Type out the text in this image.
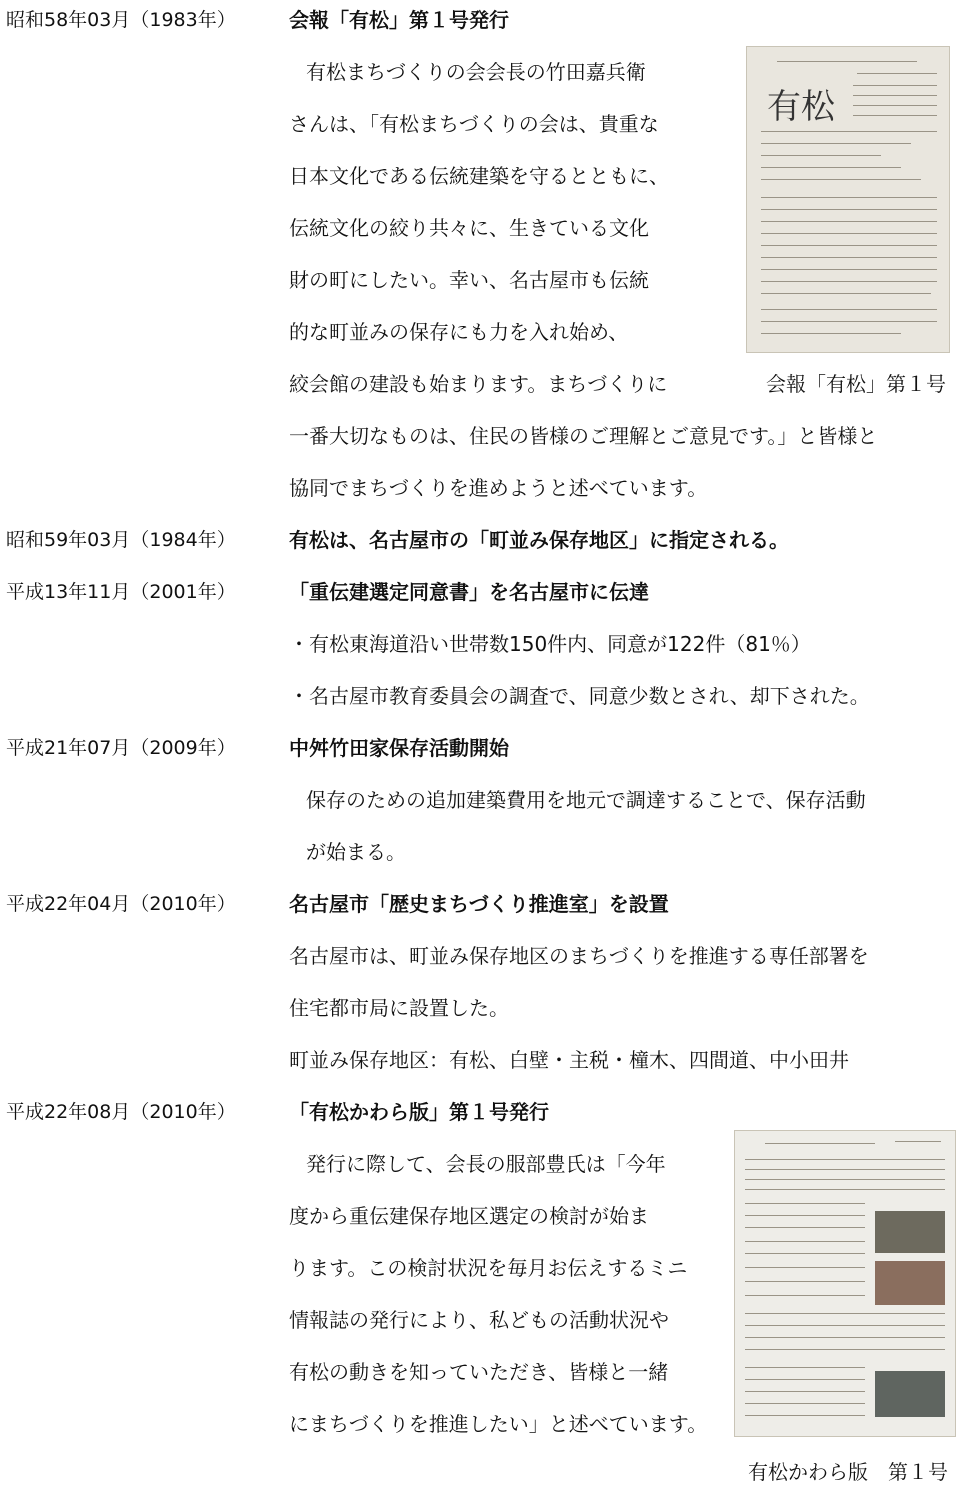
昭和58年03月（1983年）	会報「有松」第１号発行
有松まちづくりの会会長の竹田嘉兵衛
さんは、「有松まちづくりの会は、貴重な
日本文化である伝統建築を守るとともに、
伝統文化の絞り共々に、生きている文化
財の町にしたい。幸い、名古屋市も伝統
的な町並みの保存にも力を入れ始め、
絞会館の建設も始まります。まちづくりに
一番大切なものは、住民の皆様のご理解とご意見です。」と皆様と
協同でまちづくりを進めようと述べています。
有松
会報「有松」第１号
昭和59年03月（1984年）	有松は、名古屋市の「町並み保存地区」に指定される。
平成13年11月（2001年）	「重伝建選定同意書」を名古屋市に伝達
・有松東海道沿い世帯数150件内、同意が122件（81％）
・名古屋市教育委員会の調査で、同意少数とされ、却下された。
平成21年07月（2009年）	中舛竹田家保存活動開始
保存のための追加建築費用を地元で調達することで、保存活動
が始まる。
平成22年04月（2010年）	名古屋市「歴史まちづくり推進室」を設置
名古屋市は、町並み保存地区のまちづくりを推進する専任部署を
住宅都市局に設置した。
町並み保存地区：有松、白壁・主税・橦木、四間道、中小田井
平成22年08月（2010年）	「有松かわら版」第１号発行
発行に際して、会長の服部豊氏は「今年
度から重伝建保存地区選定の検討が始ま
ります。この検討状況を毎月お伝えするミニ
情報誌の発行により、私どもの活動状況や
有松の動きを知っていただき、皆様と一緒
にまちづくりを推進したい」と述べています。
有松かわら版　第１号
